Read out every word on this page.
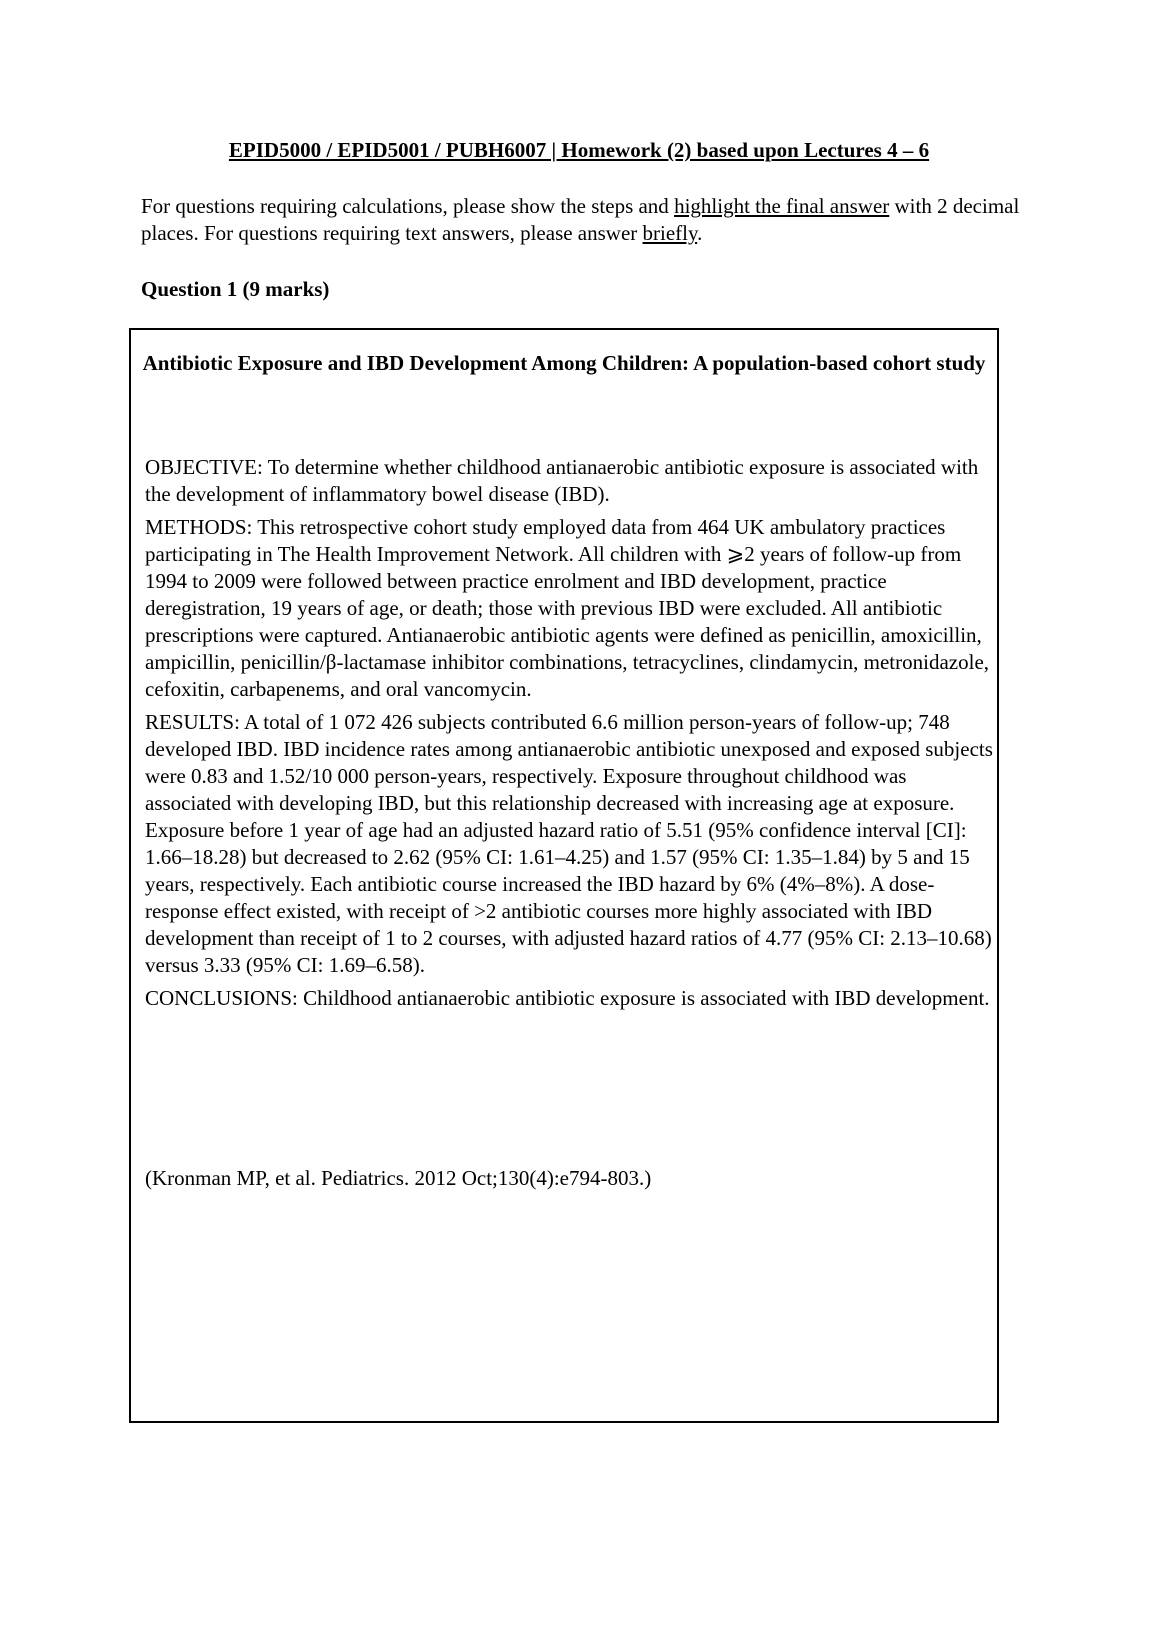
EPID5000 / EPID5001 / PUBH6007 | Homework (2) based upon Lectures 4 – 6
For questions requiring calculations, please show the steps and highlight the final answer with 2 decimal places. For questions requiring text answers, please answer briefly.
Question 1 (9 marks)
Antibiotic Exposure and IBD Development Among Children: A population-based cohort study

OBJECTIVE: To determine whether childhood antianaerobic antibiotic exposure is associated with the development of inflammatory bowel disease (IBD).

METHODS: This retrospective cohort study employed data from 464 UK ambulatory practices participating in The Health Improvement Network. All children with ⩾2 years of follow-up from 1994 to 2009 were followed between practice enrolment and IBD development, practice deregistration, 19 years of age, or death; those with previous IBD were excluded. All antibiotic prescriptions were captured. Antianaerobic antibiotic agents were defined as penicillin, amoxicillin, ampicillin, penicillin/β-lactamase inhibitor combinations, tetracyclines, clindamycin, metronidazole, cefoxitin, carbapenems, and oral vancomycin.

RESULTS: A total of 1 072 426 subjects contributed 6.6 million person-years of follow-up; 748 developed IBD. IBD incidence rates among antianaerobic antibiotic unexposed and exposed subjects were 0.83 and 1.52/10 000 person-years, respectively. Exposure throughout childhood was associated with developing IBD, but this relationship decreased with increasing age at exposure. Exposure before 1 year of age had an adjusted hazard ratio of 5.51 (95% confidence interval [CI]: 1.66–18.28) but decreased to 2.62 (95% CI: 1.61–4.25) and 1.57 (95% CI: 1.35–1.84) by 5 and 15 years, respectively. Each antibiotic course increased the IBD hazard by 6% (4%–8%). A dose-response effect existed, with receipt of >2 antibiotic courses more highly associated with IBD development than receipt of 1 to 2 courses, with adjusted hazard ratios of 4.77 (95% CI: 2.13–10.68) versus 3.33 (95% CI: 1.69–6.58).

CONCLUSIONS: Childhood antianaerobic antibiotic exposure is associated with IBD development.

(Kronman MP, et al. Pediatrics. 2012 Oct;130(4):e794-803.)
